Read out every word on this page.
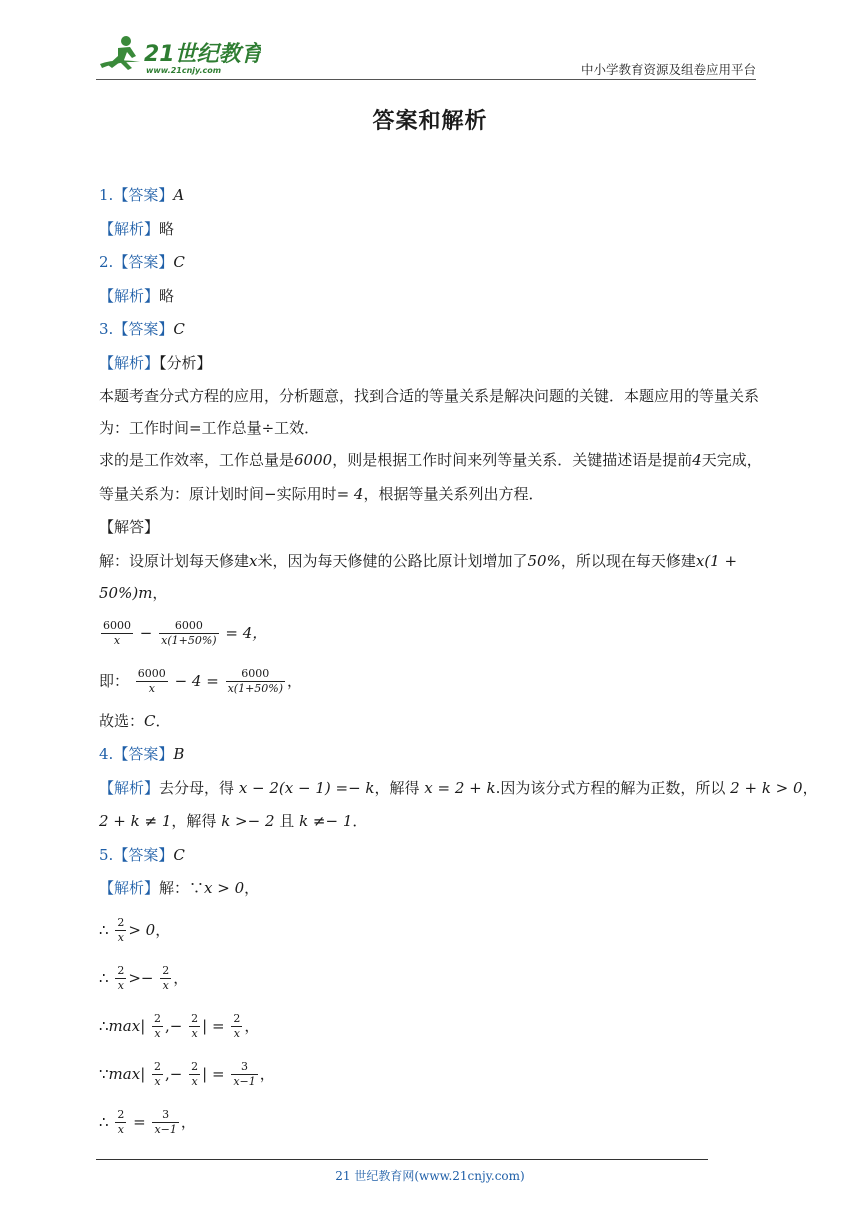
21世纪教育
www.21cnjy.com	中小学教育资源及组卷应用平台
答案和解析
1.【答案】A
【解析】略
2.【答案】C
【解析】略
3.【答案】C
【解析】【分析】
本题考查分式方程的应用，分析题意，找到合适的等量关系是解决问题的关键．本题应用的等量关系为：工作时间=工作总量÷工效．
求的是工作效率，工作总量是6000，则是根据工作时间来列等量关系．关键描述语是提前4天完成，
等量关系为：原计划时间−实际用时= 4，根据等量关系列出方程．
【解答】
解：设原计划每天修建x米，因为每天修健的公路比原计划增加了50%，所以现在每天修建x(1 + 50%)m，
$\frac{6000}{x} - \frac{6000}{x(1+50\%)} = 4$，
即： $\frac{6000}{x} - 4 = \frac{6000}{x(1+50\%)}$ ，
故选：C．
4.【答案】B
【解析】去分母，得 x − 2(x − 1) =− k，解得 x = 2 + k.因为该分式方程的解为正数，所以 2 + k > 0，
2 + k ≠ 1，解得 k >− 2 且 k ≠− 1．
5.【答案】C
【解析】解：∵x > 0，
∴ $\frac{2}{x} > 0$，
∴ $\frac{2}{x} >- \frac{2}{x}$ ，
∴max| $\frac{2}{x}$ ,− $\frac{2}{x}$ | = $\frac{2}{x}$ ，
∵max| $\frac{2}{x}$ ,− $\frac{2}{x}$ | = $\frac{3}{x-1}$ ，
∴ $\frac{2}{x} = \frac{3}{x-1}$ ，
21 世纪教育网(www.21cnjy.com)
